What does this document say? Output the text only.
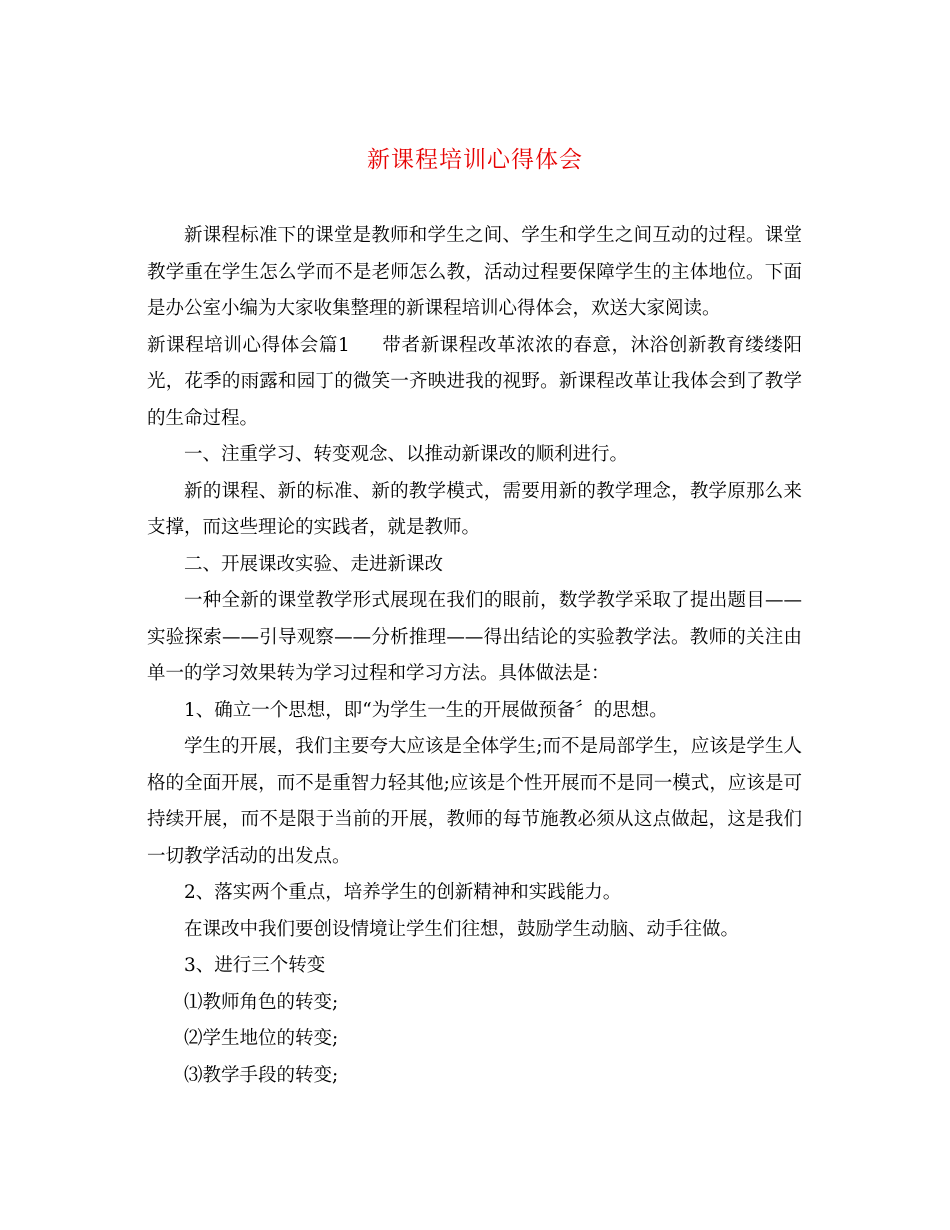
新课程培训心得体会

新课程标准下的课堂是教师和学生之间、学生和学生之间互动的过程。课堂教学重在学生怎么学而不是老师怎么教，活动过程要保障学生的主体地位。下面是办公室小编为大家收集整理的新课程培训心得体会，欢送大家阅读。

新课程培训心得体会篇1 带者新课程改革浓浓的春意，沐浴创新教育缕缕阳光，花季的雨露和园丁的微笑一齐映进我的视野。新课程改革让我体会到了教学的生命过程。

一、注重学习、转变观念、以推动新课改的顺利进行。

新的课程、新的标准、新的教学模式，需要用新的教学理念，教学原那么来支撑，而这些理论的实践者，就是教师。

二、开展课改实验、走进新课改

一种全新的课堂教学形式展现在我们的眼前，数学教学采取了提出题目——实验探索——引导观察——分析推理——得出结论的实验教学法。教师的关注由单一的学习效果转为学习过程和学习方法。具体做法是：

1、确立一个思想，即“为学生一生的开展做预备〞的思想。

学生的开展，我们主要夸大应该是全体学生;而不是局部学生，应该是学生人格的全面开展，而不是重智力轻其他;应该是个性开展而不是同一模式，应该是可持续开展，而不是限于当前的开展，教师的每节施教必须从这点做起，这是我们一切教学活动的出发点。

2、落实两个重点，培养学生的创新精神和实践能力。

在课改中我们要创设情境让学生们往想，鼓励学生动脑、动手往做。

3、进行三个转变

⑴教师角色的转变;

⑵学生地位的转变;

⑶教学手段的转变;
